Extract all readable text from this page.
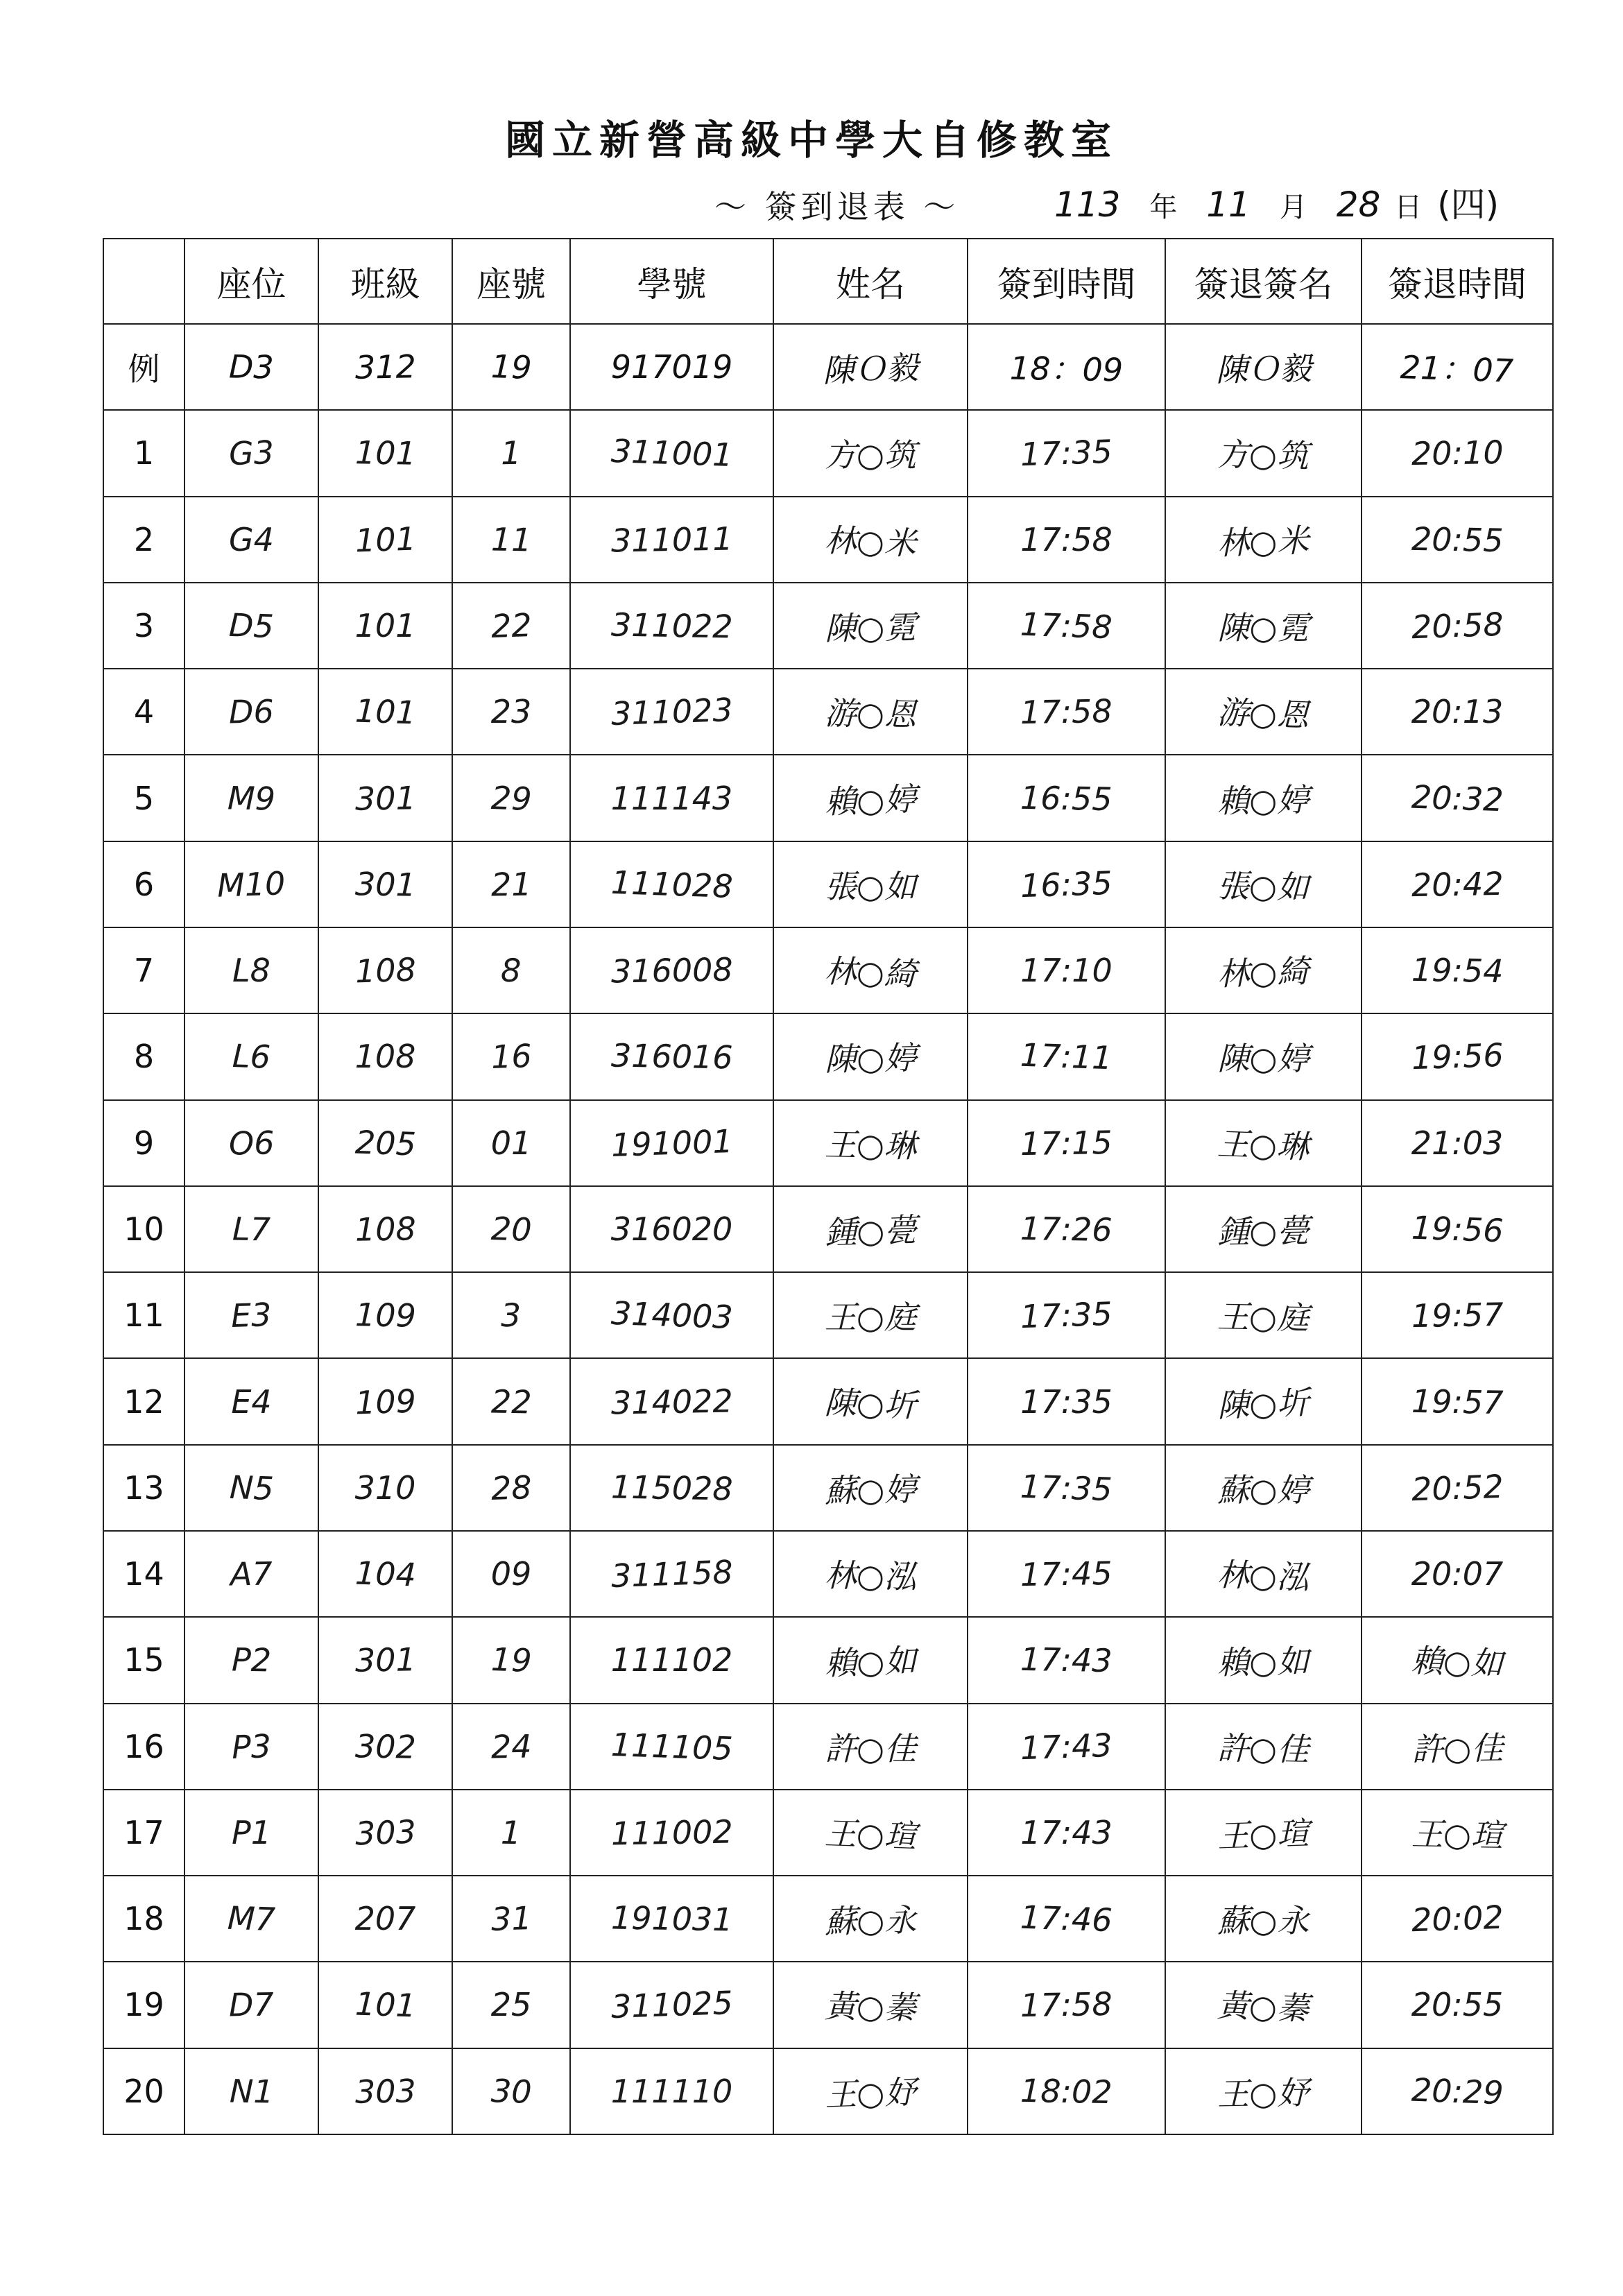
國立新營高級中學大自修教室
～ 簽到退表 ～	113 年 11 月 28 日 (四)
	座位	班級	座號	學號	姓名	簽到時間	簽退簽名	簽退時間
例	D3	312	19	917019	陳Ｏ毅	18：09	陳Ｏ毅	21：07
1	G3	101	1	311001	方○筑	17:35	方○筑	20:10
2	G4	101	11	311011	林○米	17:58	林○米	20:55
3	D5	101	22	311022	陳○霓	17:58	陳○霓	20:58
4	D6	101	23	311023	游○恩	17:58	游○恩	20:13
5	M9	301	29	111143	賴○婷	16:55	賴○婷	20:32
6	M10	301	21	111028	張○如	16:35	張○如	20:42
7	L8	108	8	316008	林○綺	17:10	林○綺	19:54
8	L6	108	16	316016	陳○婷	17:11	陳○婷	19:56
9	O6	205	01	191001	王○琳	17:15	王○琳	21:03
10	L7	108	20	316020	鍾○甍	17:26	鍾○甍	19:56
11	E3	109	3	314003	王○庭	17:35	王○庭	19:57
12	E4	109	22	314022	陳○圻	17:35	陳○圻	19:57
13	N5	310	28	115028	蘇○婷	17:35	蘇○婷	20:52
14	A7	104	09	311158	林○泓	17:45	林○泓	20:07
15	P2	301	19	111102	賴○如	17:43	賴○如	賴○如
16	P3	302	24	111105	許○佳	17:43	許○佳	許○佳
17	P1	303	1	111002	王○瑄	17:43	王○瑄	王○瑄
18	M7	207	31	191031	蘇○永	17:46	蘇○永	20:02
19	D7	101	25	311025	黃○蓁	17:58	黃○蓁	20:55
20	N1	303	30	111110	王○妤	18:02	王○妤	20:29
